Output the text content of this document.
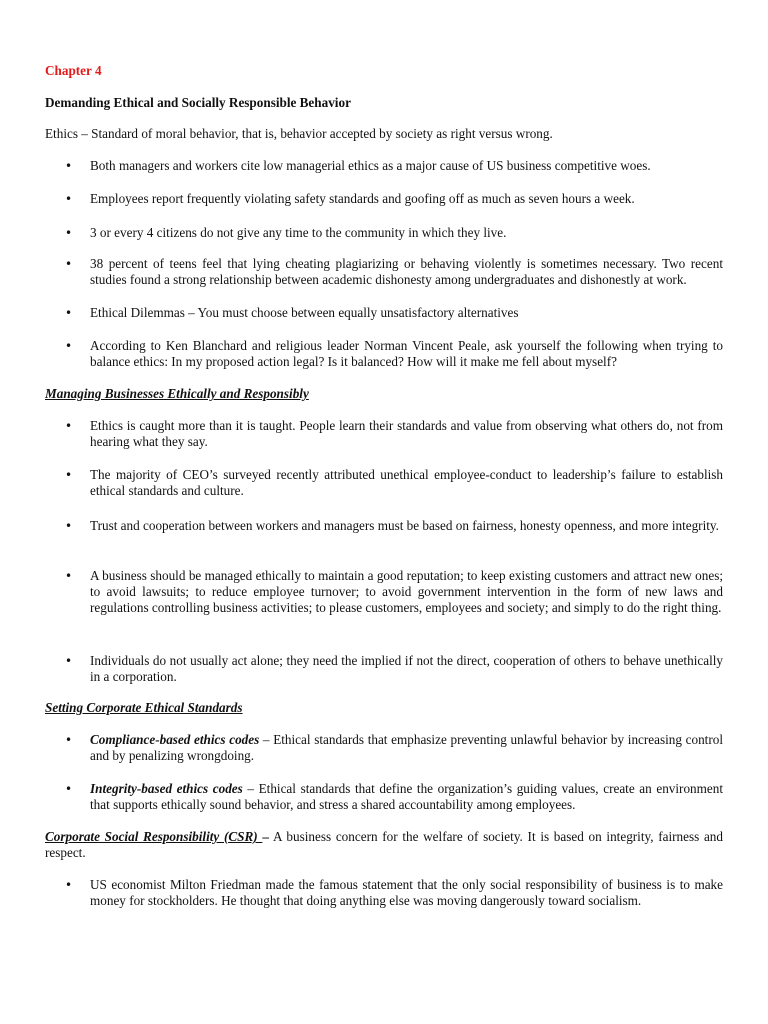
Chapter 4
Demanding Ethical and Socially Responsible Behavior
Ethics – Standard of moral behavior, that is, behavior accepted by society as right versus wrong.
• Both managers and workers cite low managerial ethics as a major cause of US business competitive woes.
• Employees report frequently violating safety standards and goofing off as much as seven hours a week.
• 3 or every 4 citizens do not give any time to the community in which they live.
• 38 percent of teens feel that lying cheating plagiarizing or behaving violently is sometimes necessary. Two recent studies found a strong relationship between academic dishonesty among undergraduates and dishonestly at work.
• Ethical Dilemmas – You must choose between equally unsatisfactory alternatives
• According to Ken Blanchard and religious leader Norman Vincent Peale, ask yourself the following when trying to balance ethics: In my proposed action legal? Is it balanced? How will it make me fell about myself?
Managing Businesses Ethically and Responsibly
• Ethics is caught more than it is taught. People learn their standards and value from observing what others do, not from hearing what they say.
• The majority of CEO’s surveyed recently attributed unethical employee-conduct to leadership’s failure to establish ethical standards and culture.
• Trust and cooperation between workers and managers must be based on fairness, honesty openness, and more integrity.
• A business should be managed ethically to maintain a good reputation; to keep existing customers and attract new ones; to avoid lawsuits; to reduce employee turnover; to avoid government intervention in the form of new laws and regulations controlling business activities; to please customers, employees and society; and simply to do the right thing.
• Individuals do not usually act alone; they need the implied if not the direct, cooperation of others to behave unethically in a corporation.
Setting Corporate Ethical Standards
• Compliance-based ethics codes – Ethical standards that emphasize preventing unlawful behavior by increasing control and by penalizing wrongdoing.
• Integrity-based ethics codes – Ethical standards that define the organization’s guiding values, create an environment that supports ethically sound behavior, and stress a shared accountability among employees.
Corporate Social Responsibility (CSR) – A business concern for the welfare of society. It is based on integrity, fairness and respect.
• US economist Milton Friedman made the famous statement that the only social responsibility of business is to make money for stockholders. He thought that doing anything else was moving dangerously toward socialism.
